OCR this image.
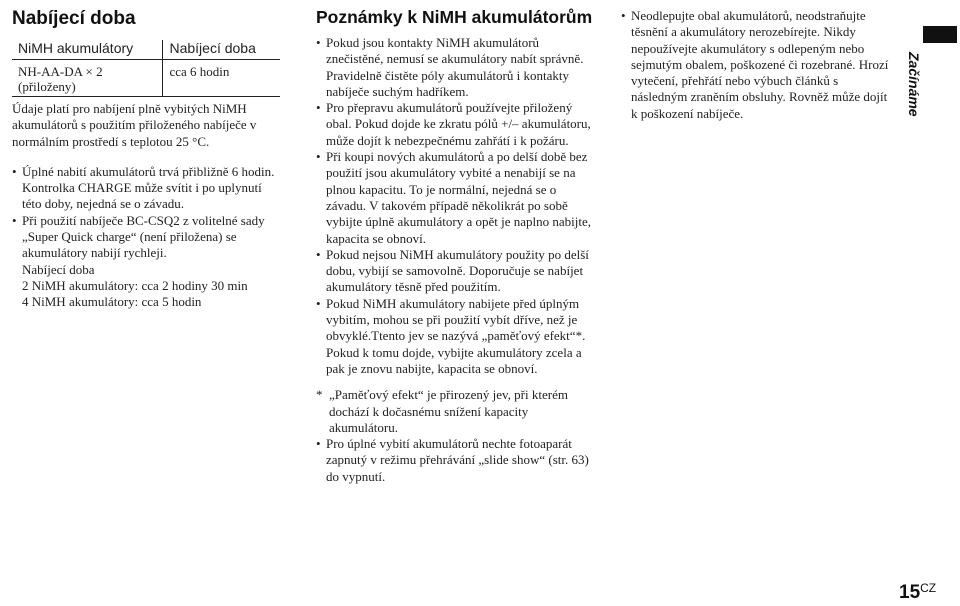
Nabíjecí doba
NiMH akumulátory	Nabíjecí doba

NH-AA-DA × 2
(přiloženy)	cca 6 hodin

Údaje platí pro nabíjení plně vybitých NiMH akumulátorů s použitím přiloženého nabíječe v normálním prostředí s teplotou 25 °C.

• Úplné nabití akumulátorů trvá přibližně 6 hodin. Kontrolka CHARGE může svítit i po uplynutí této doby, nejedná se o závadu.
• Při použití nabíječe BC-CSQ2 z volitelné sady „Super Quick charge“ (není přiložena) se akumulátory nabijí rychleji.

Nabíjecí doba

2 NiMH akumulátory: cca 2 hodiny 30 min

4 NiMH akumulátory: cca 5 hodin

Poznámky k NiMH akumulátorům
• Pokud jsou kontakty NiMH akumulátorů znečistěné, nemusí se akumulátory nabít správně. Pravidelně čistěte póly akumulátorů i kontakty nabíječe suchým hadříkem.
• Pro přepravu akumulátorů používejte přiložený obal. Pokud dojde ke zkratu pólů +/– akumulátoru, může dojít k nebezpečnému zahřátí i k požáru.
• Při koupi nových akumulátorů a po delší době bez použití jsou akumulátory vybité a nenabijí se na plnou kapacitu. To je normální, nejedná se o závadu. V takovém případě několikrát po sobě vybijte úplně akumulátory a opět je naplno nabijte, kapacita se obnoví.
• Pokud nejsou NiMH akumulátory použity po delší dobu, vybijí se samovolně. Doporučuje se nabíjet akumulátory těsně před použitím.
• Pokud NiMH akumulátory nabijete před úplným vybitím, mohou se při použití vybít dříve, než je obvyklé.Ttento jev se nazývá „paměťový efekt“*. Pokud k tomu dojde, vybijte akumulátory zcela a pak je znovu nabijte, kapacita se obnoví.
* „Paměťový efekt“ je přirozený jev, při kterém dochází k dočasnému snížení kapacity akumulátoru.
• Pro úplné vybití akumulátorů nechte fotoaparát zapnutý v režimu přehrávání „slide show“ (str. 63) do vypnutí.
• Neodlepujte obal akumulátorů, neodstraňujte těsnění a akumulátory nerozebírejte. Nikdy nepoužívejte akumulátory s odlepeným nebo sejmutým obalem, poškozené či rozebrané. Hrozí vytečení, přehřátí nebo výbuch článků s následným zraněním obsluhy. Rovněž může dojít k poškození nabíječe.	Začínáme
$15^{CZ}$
